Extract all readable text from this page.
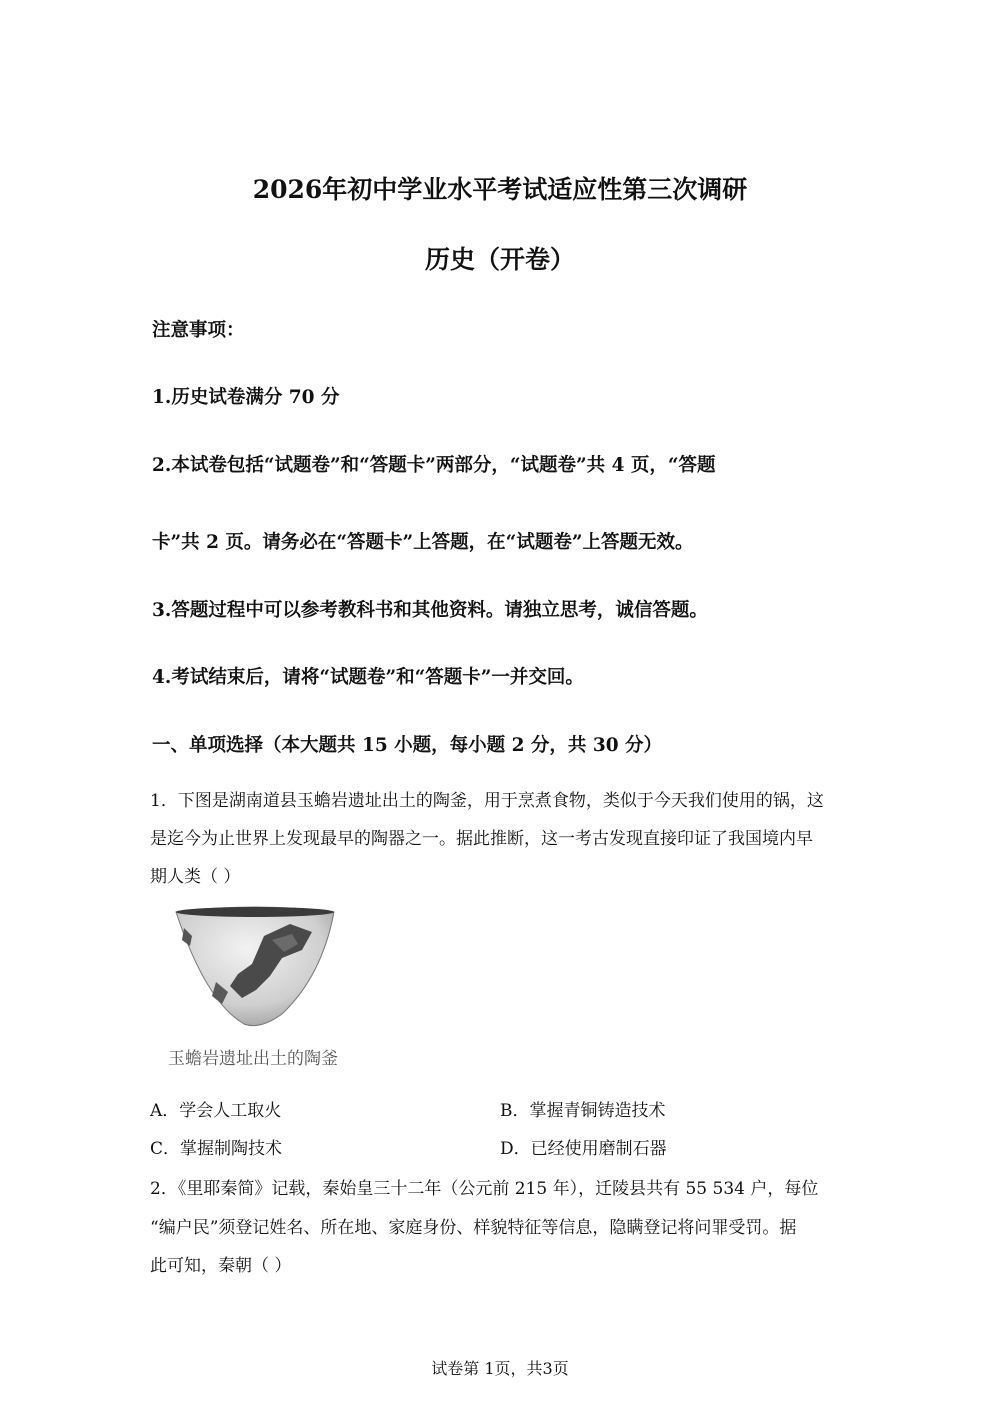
2026年初中学业水平考试适应性第三次调研
历史（开卷）
注意事项：
1.历史试卷满分 70 分
2.本试卷包括“试题卷”和“答题卡”两部分，“试题卷”共 4 页，“答题
卡”共 2 页。请务必在“答题卡”上答题，在“试题卷”上答题无效。
3.答题过程中可以参考教科书和其他资料。请独立思考，诚信答题。
4.考试结束后，请将“试题卷”和“答题卡”一并交回。
一、单项选择（本大题共 15 小题，每小题 2 分，共 30 分）
1．下图是湖南道县玉蟾岩遗址出土的陶釜，用于烹煮食物，类似于今天我们使用的锅，这
是迄今为止世界上发现最早的陶器之一。据此推断，这一考古发现直接印证了我国境内早
期人类（ ）
玉蟾岩遗址出土的陶釜
A．学会人工取火	B．掌握青铜铸造技术
C．掌握制陶技术	D．已经使用磨制石器
2．《里耶秦简》记载，秦始皇三十二年（公元前 215 年），迁陵县共有 55 534 户，每位
“编户民”须登记姓名、所在地、家庭身份、样貌特征等信息，隐瞒登记将问罪受罚。据
此可知，秦朝（ ）
试卷第 1页，共3页
